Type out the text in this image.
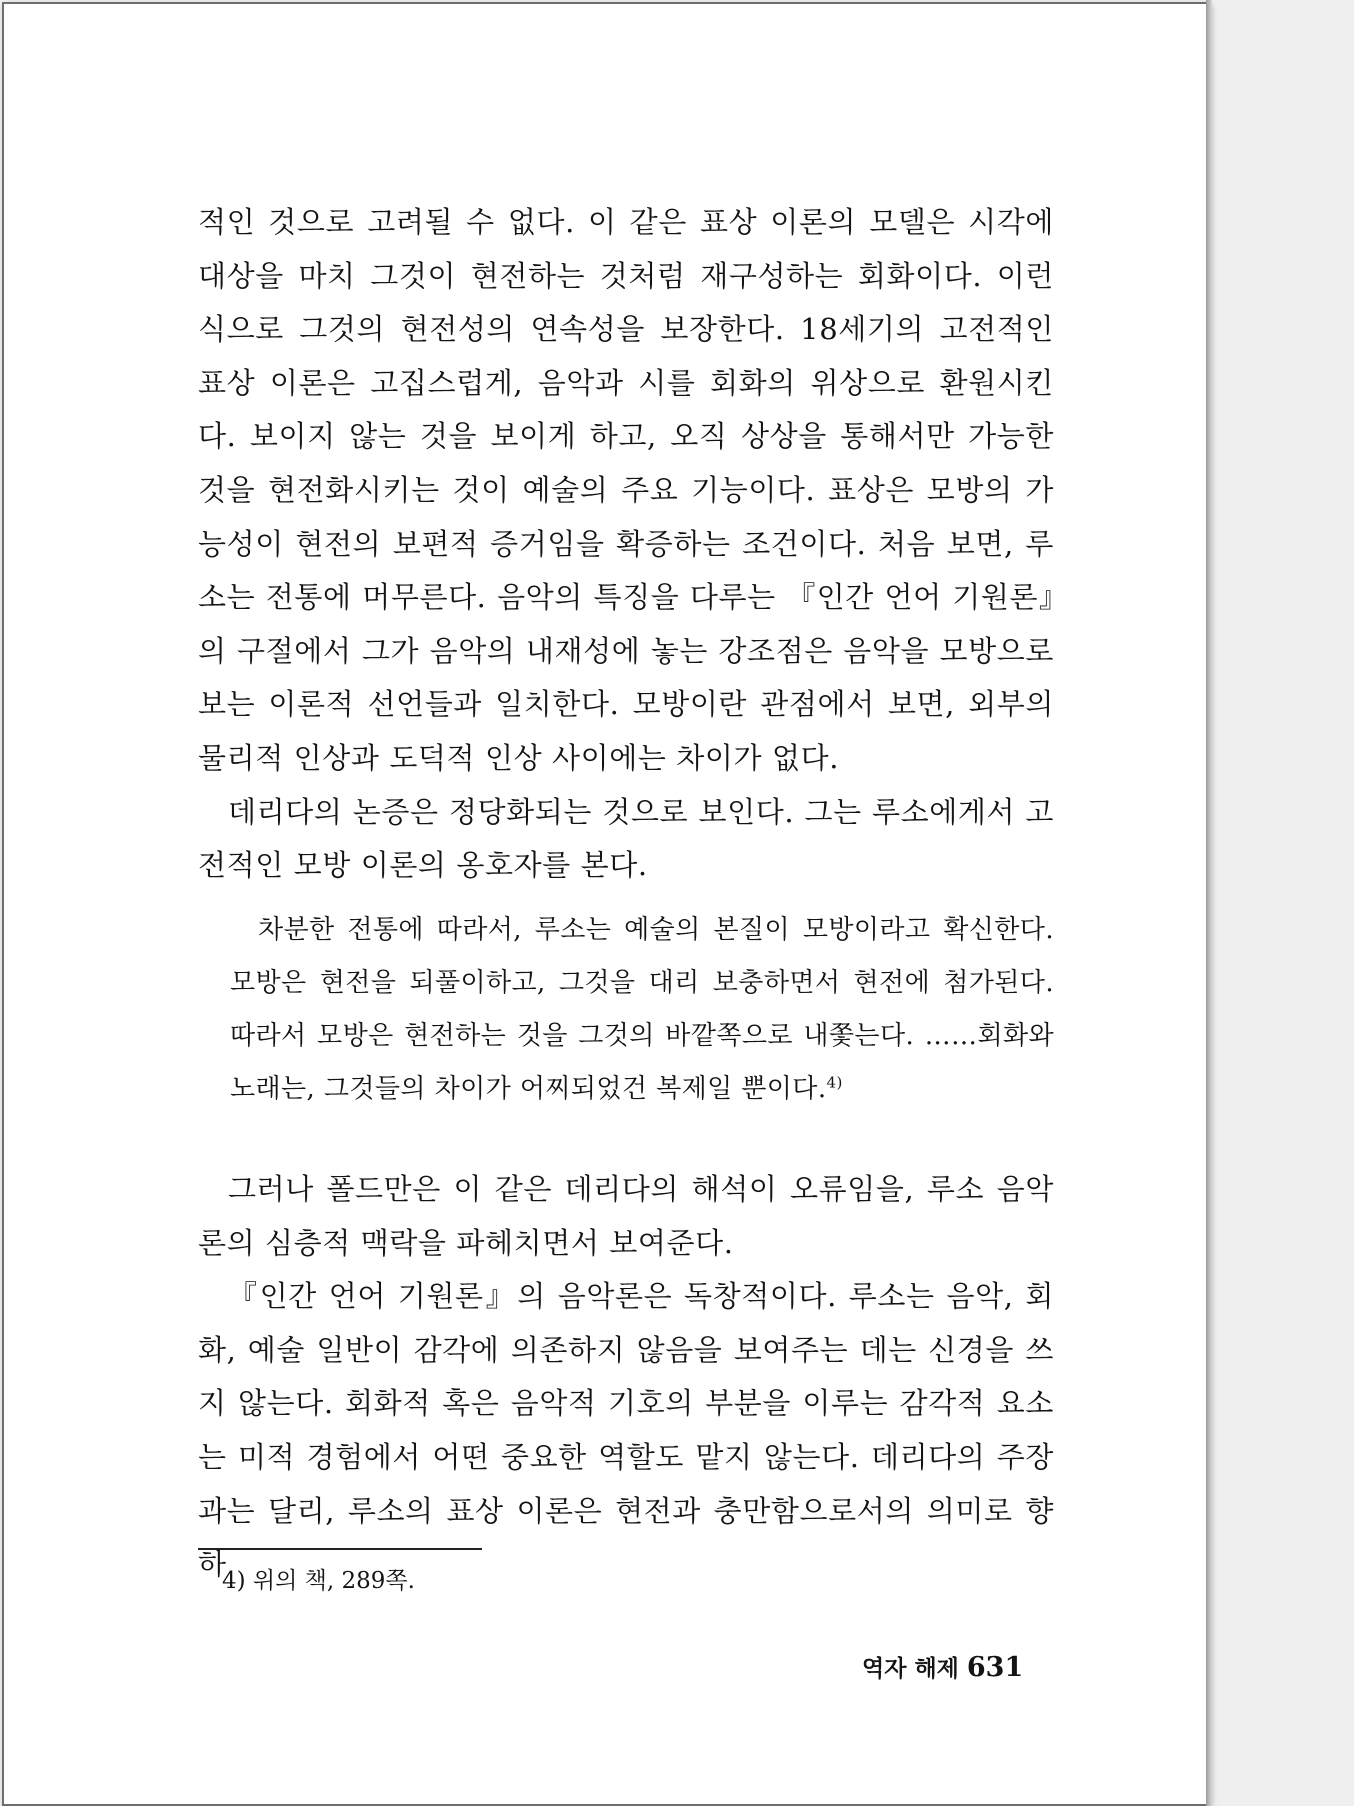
적인 것으로 고려될 수 없다. 이 같은 표상 이론의 모델은 시각에 대상을 마치 그것이 현전하는 것처럼 재구성하는 회화이다. 이런 식으로 그것의 현전성의 연속성을 보장한다. 18세기의 고전적인 표상 이론은 고집스럽게, 음악과 시를 회화의 위상으로 환원시킨다. 보이지 않는 것을 보이게 하고, 오직 상상을 통해서만 가능한 것을 현전화시키는 것이 예술의 주요 기능이다. 표상은 모방의 가능성이 현전의 보편적 증거임을 확증하는 조건이다. 처음 보면, 루소는 전통에 머무른다. 음악의 특징을 다루는 『인간 언어 기원론』의 구절에서 그가 음악의 내재성에 놓는 강조점은 음악을 모방으로 보는 이론적 선언들과 일치한다. 모방이란 관점에서 보면, 외부의 물리적 인상과 도덕적 인상 사이에는 차이가 없다.

데리다의 논증은 정당화되는 것으로 보인다. 그는 루소에게서 고전적인 모방 이론의 옹호자를 본다.

차분한 전통에 따라서, 루소는 예술의 본질이 모방이라고 확신한다. 모방은 현전을 되풀이하고, 그것을 대리 보충하면서 현전에 첨가된다. 따라서 모방은 현전하는 것을 그것의 바깥쪽으로 내쫓는다. ……회화와 노래는, 그것들의 차이가 어찌되었건 복제일 뿐이다.$^{4)}$

그러나 폴드만은 이 같은 데리다의 해석이 오류임을, 루소 음악론의 심층적 맥락을 파헤치면서 보여준다.

『인간 언어 기원론』의 음악론은 독창적이다. 루소는 음악, 회화, 예술 일반이 감각에 의존하지 않음을 보여주는 데는 신경을 쓰지 않는다. 회화적 혹은 음악적 기호의 부분을 이루는 감각적 요소는 미적 경험에서 어떤 중요한 역할도 맡지 않는다. 데리다의 주장과는 달리, 루소의 표상 이론은 현전과 충만함으로서의 의미로 향하

4) 위의 책, 289쪽.

역자 해제 631
